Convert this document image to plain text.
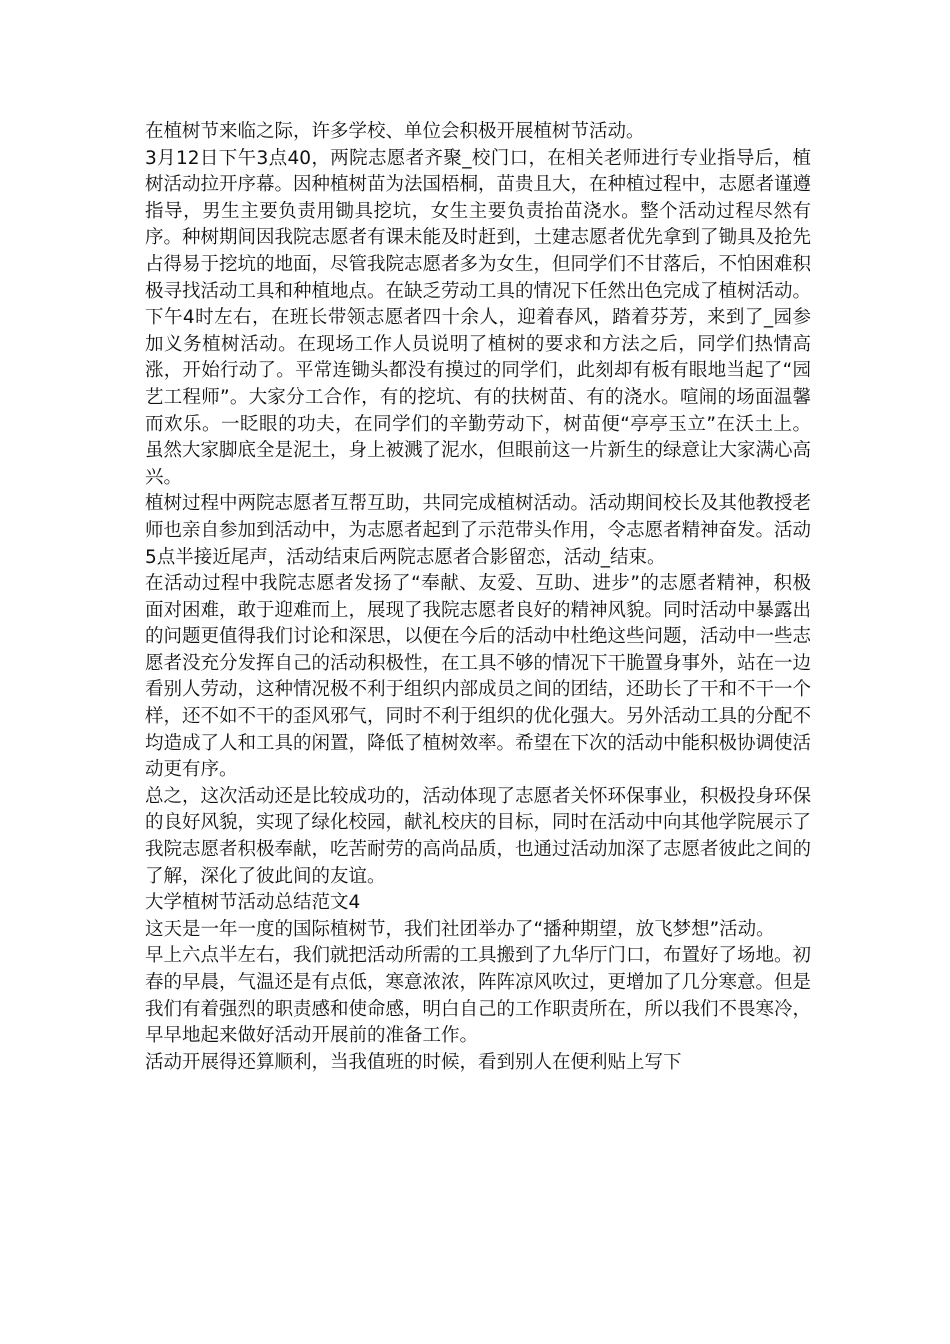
在植树节来临之际，许多学校、单位会积极开展植树节活动。

3月12日下午3点40，两院志愿者齐聚_校门口，在相关老师进行专业指导后，植树活动拉开序幕。因种植树苗为法国梧桐，苗贵且大，在种植过程中，志愿者谨遵指导，男生主要负责用锄具挖坑，女生主要负责抬苗浇水。整个活动过程尽然有序。种树期间因我院志愿者有课未能及时赶到，土建志愿者优先拿到了锄具及抢先占得易于挖坑的地面，尽管我院志愿者多为女生，但同学们不甘落后，不怕困难积极寻找活动工具和种植地点。在缺乏劳动工具的情况下任然出色完成了植树活动。

下午4时左右，在班长带领志愿者四十余人，迎着春风，踏着芬芳，来到了_园参加义务植树活动。在现场工作人员说明了植树的要求和方法之后，同学们热情高涨，开始行动了。平常连锄头都没有摸过的同学们，此刻却有板有眼地当起了“园艺工程师”。大家分工合作，有的挖坑、有的扶树苗、有的浇水。喧闹的场面温馨而欢乐。一眨眼的功夫，在同学们的辛勤劳动下，树苗便“亭亭玉立”在沃土上。虽然大家脚底全是泥土，身上被溅了泥水，但眼前这一片新生的绿意让大家满心高兴。

植树过程中两院志愿者互帮互助，共同完成植树活动。活动期间校长及其他教授老师也亲自参加到活动中，为志愿者起到了示范带头作用，令志愿者精神奋发。活动5点半接近尾声，活动结束后两院志愿者合影留恋，活动_结束。

在活动过程中我院志愿者发扬了“奉献、友爱、互助、进步”的志愿者精神，积极面对困难，敢于迎难而上，展现了我院志愿者良好的精神风貌。同时活动中暴露出的问题更值得我们讨论和深思，以便在今后的活动中杜绝这些问题，活动中一些志愿者没充分发挥自己的活动积极性，在工具不够的情况下干脆置身事外，站在一边看别人劳动，这种情况极不利于组织内部成员之间的团结，还助长了干和不干一个样，还不如不干的歪风邪气，同时不利于组织的优化强大。另外活动工具的分配不均造成了人和工具的闲置，降低了植树效率。希望在下次的活动中能积极协调使活动更有序。

总之，这次活动还是比较成功的，活动体现了志愿者关怀环保事业，积极投身环保的良好风貌，实现了绿化校园，献礼校庆的目标，同时在活动中向其他学院展示了我院志愿者积极奉献，吃苦耐劳的高尚品质，也通过活动加深了志愿者彼此之间的了解，深化了彼此间的友谊。

大学植树节活动总结范文4

这天是一年一度的国际植树节，我们社团举办了“播种期望，放飞梦想”活动。

早上六点半左右，我们就把活动所需的工具搬到了九华厅门口，布置好了场地。初春的早晨，气温还是有点低，寒意浓浓，阵阵凉风吹过，更增加了几分寒意。但是我们有着强烈的职责感和使命感，明白自己的工作职责所在，所以我们不畏寒冷，早早地起来做好活动开展前的准备工作。

活动开展得还算顺利，当我值班的时候，看到别人在便利贴上写下
